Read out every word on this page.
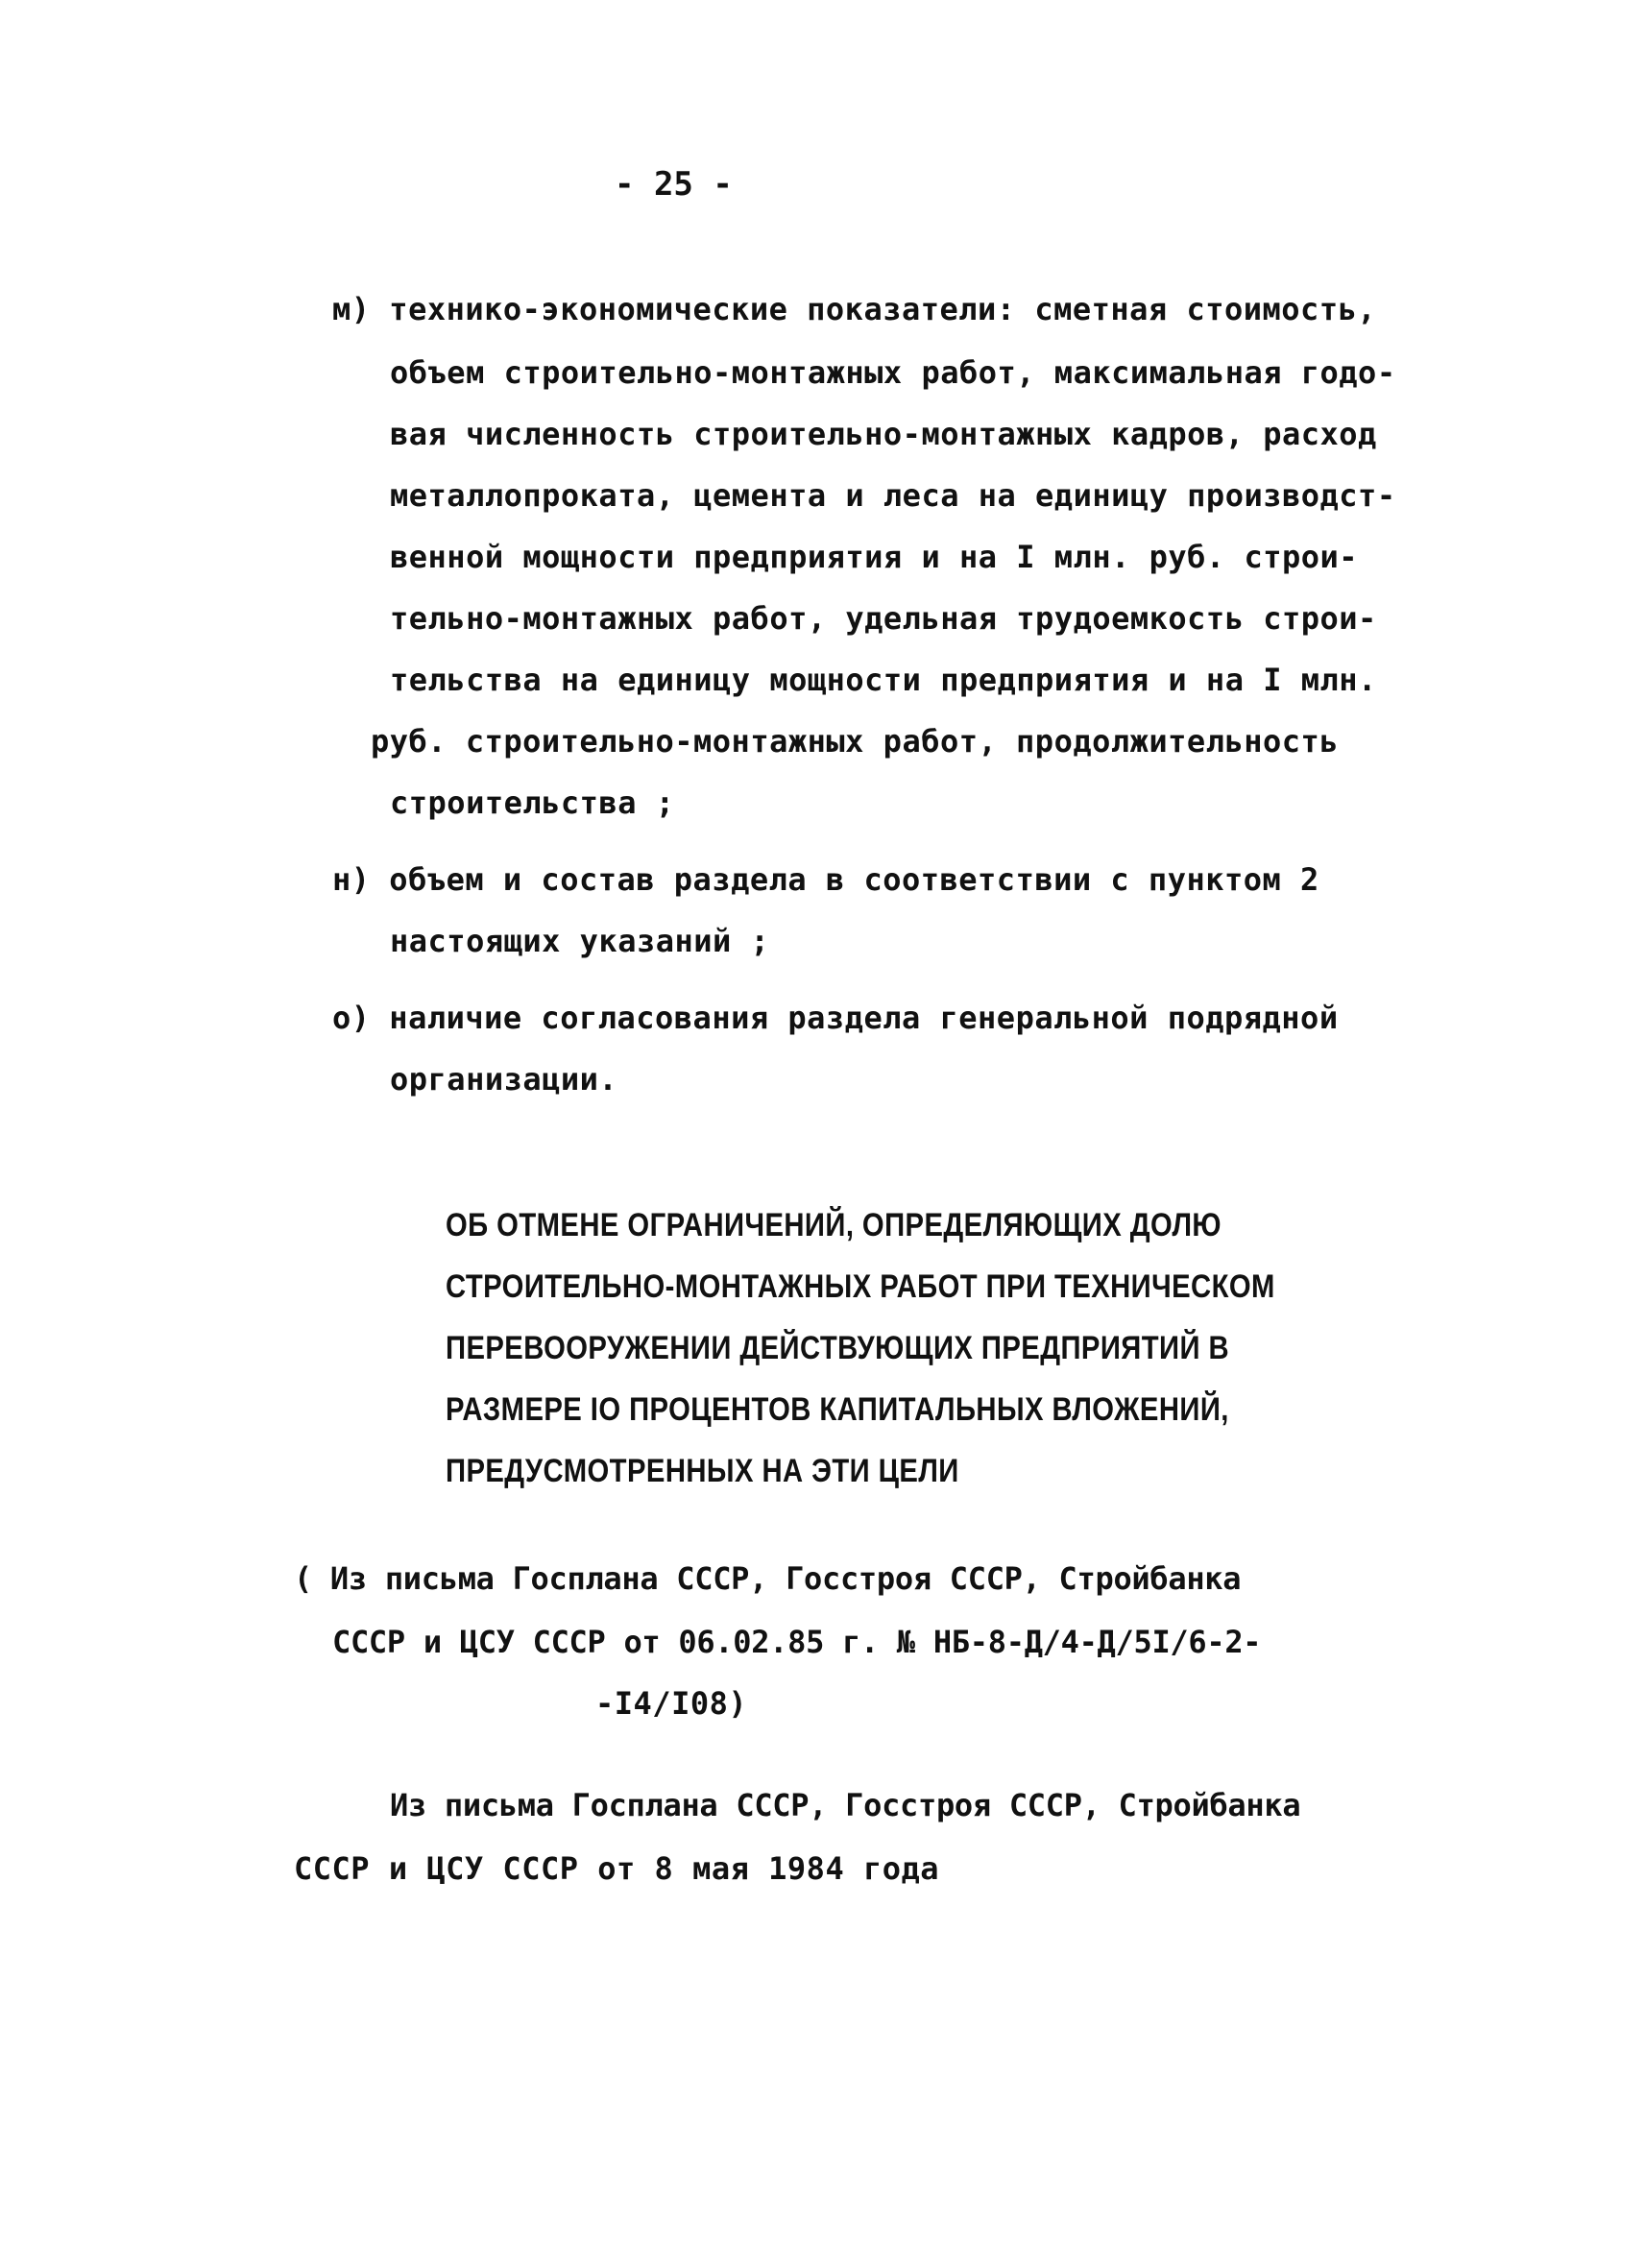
- 25 -
м) технико-экономические показатели: сметная стоимость,
объем строительно-монтажных работ, максимальная годо-
вая численность строительно-монтажных кадров, расход
металлопроката, цемента и леса на единицу производст-
венной мощности предприятия и на I млн. руб. строи-
тельно-монтажных работ, удельная трудоемкость строи-
тельства на единицу мощности предприятия и на I млн.
руб. строительно-монтажных работ, продолжительность
строительства ;
н) объем и состав раздела в соответствии с пунктом 2
настоящих указаний ;
о) наличие согласования раздела генеральной подрядной
организации.
ОБ ОТМЕНЕ ОГРАНИЧЕНИЙ, ОПРЕДЕЛЯЮЩИХ ДОЛЮ
СТРОИТЕЛЬНО-МОНТАЖНЫХ РАБОТ ПРИ ТЕХНИЧЕСКОМ
ПЕРЕВООРУЖЕНИИ ДЕЙСТВУЮЩИХ ПРЕДПРИЯТИЙ В
РАЗМЕРЕ IO ПРОЦЕНТОВ КАПИТАЛЬНЫХ ВЛОЖЕНИЙ,
ПРЕДУСМОТРЕННЫХ НА ЭТИ ЦЕЛИ
( Из письма Госплана СССР, Госстроя СССР, Стройбанка
СССР и ЦСУ СССР от 06.02.85 г. № НБ-8-Д/4-Д/5I/6-2-
-I4/I08)
Из письма Госплана СССР, Госстроя СССР, Стройбанка
СССР и ЦСУ СССР от 8 мая 1984 года
